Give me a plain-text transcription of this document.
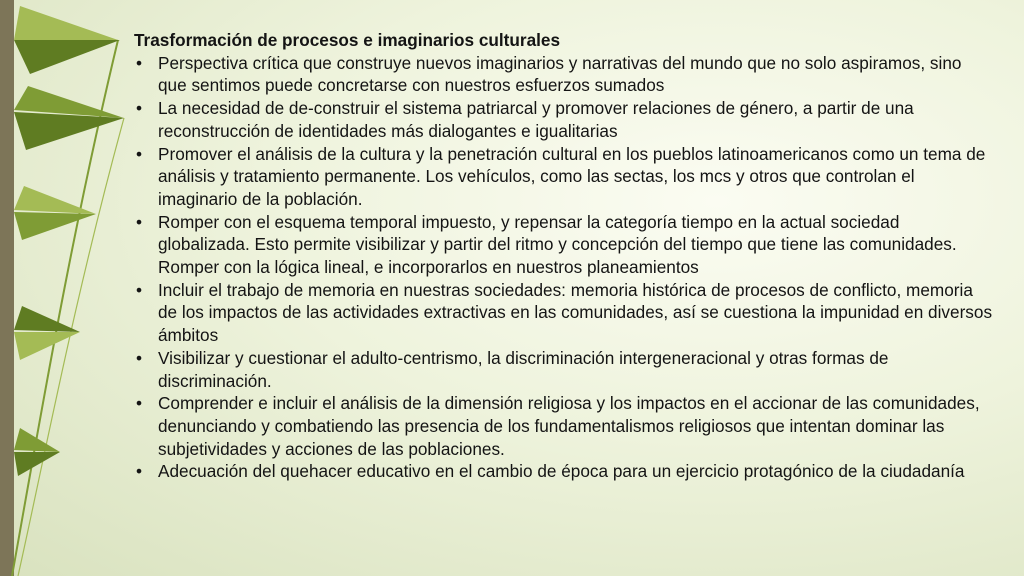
Trasformación de procesos e imaginarios culturales

• Perspectiva crítica que construye nuevos imaginarios y narrativas del mundo que no solo aspiramos, sino que sentimos puede concretarse con nuestros esfuerzos sumados
• La necesidad de de-construir el sistema patriarcal y promover relaciones de género, a partir de una reconstrucción de identidades más dialogantes e igualitarias
• Promover el análisis de la cultura y la penetración cultural en los pueblos latinoamericanos como un tema de análisis y tratamiento permanente. Los vehículos, como las sectas, los mcs y otros que controlan el imaginario de la población.
• Romper con el esquema temporal impuesto, y repensar la categoría tiempo en la actual sociedad globalizada. Esto permite visibilizar y partir del ritmo y concepción del tiempo que tiene las comunidades. Romper con la lógica lineal, e incorporarlos en nuestros planeamientos
• Incluir el trabajo de memoria en nuestras sociedades: memoria histórica de procesos de conflicto, memoria de los impactos de las actividades extractivas en las comunidades, así se cuestiona la impunidad en diversos ámbitos
• Visibilizar y cuestionar el adulto-centrismo, la discriminación intergeneracional y otras formas de discriminación.
• Comprender e incluir el análisis de la dimensión religiosa y los impactos en el accionar de las comunidades, denunciando y combatiendo las presencia de los fundamentalismos religiosos que intentan dominar las subjetividades y acciones de las poblaciones.
• Adecuación del quehacer educativo en el cambio de época para un ejercicio protagónico de la ciudadanía
